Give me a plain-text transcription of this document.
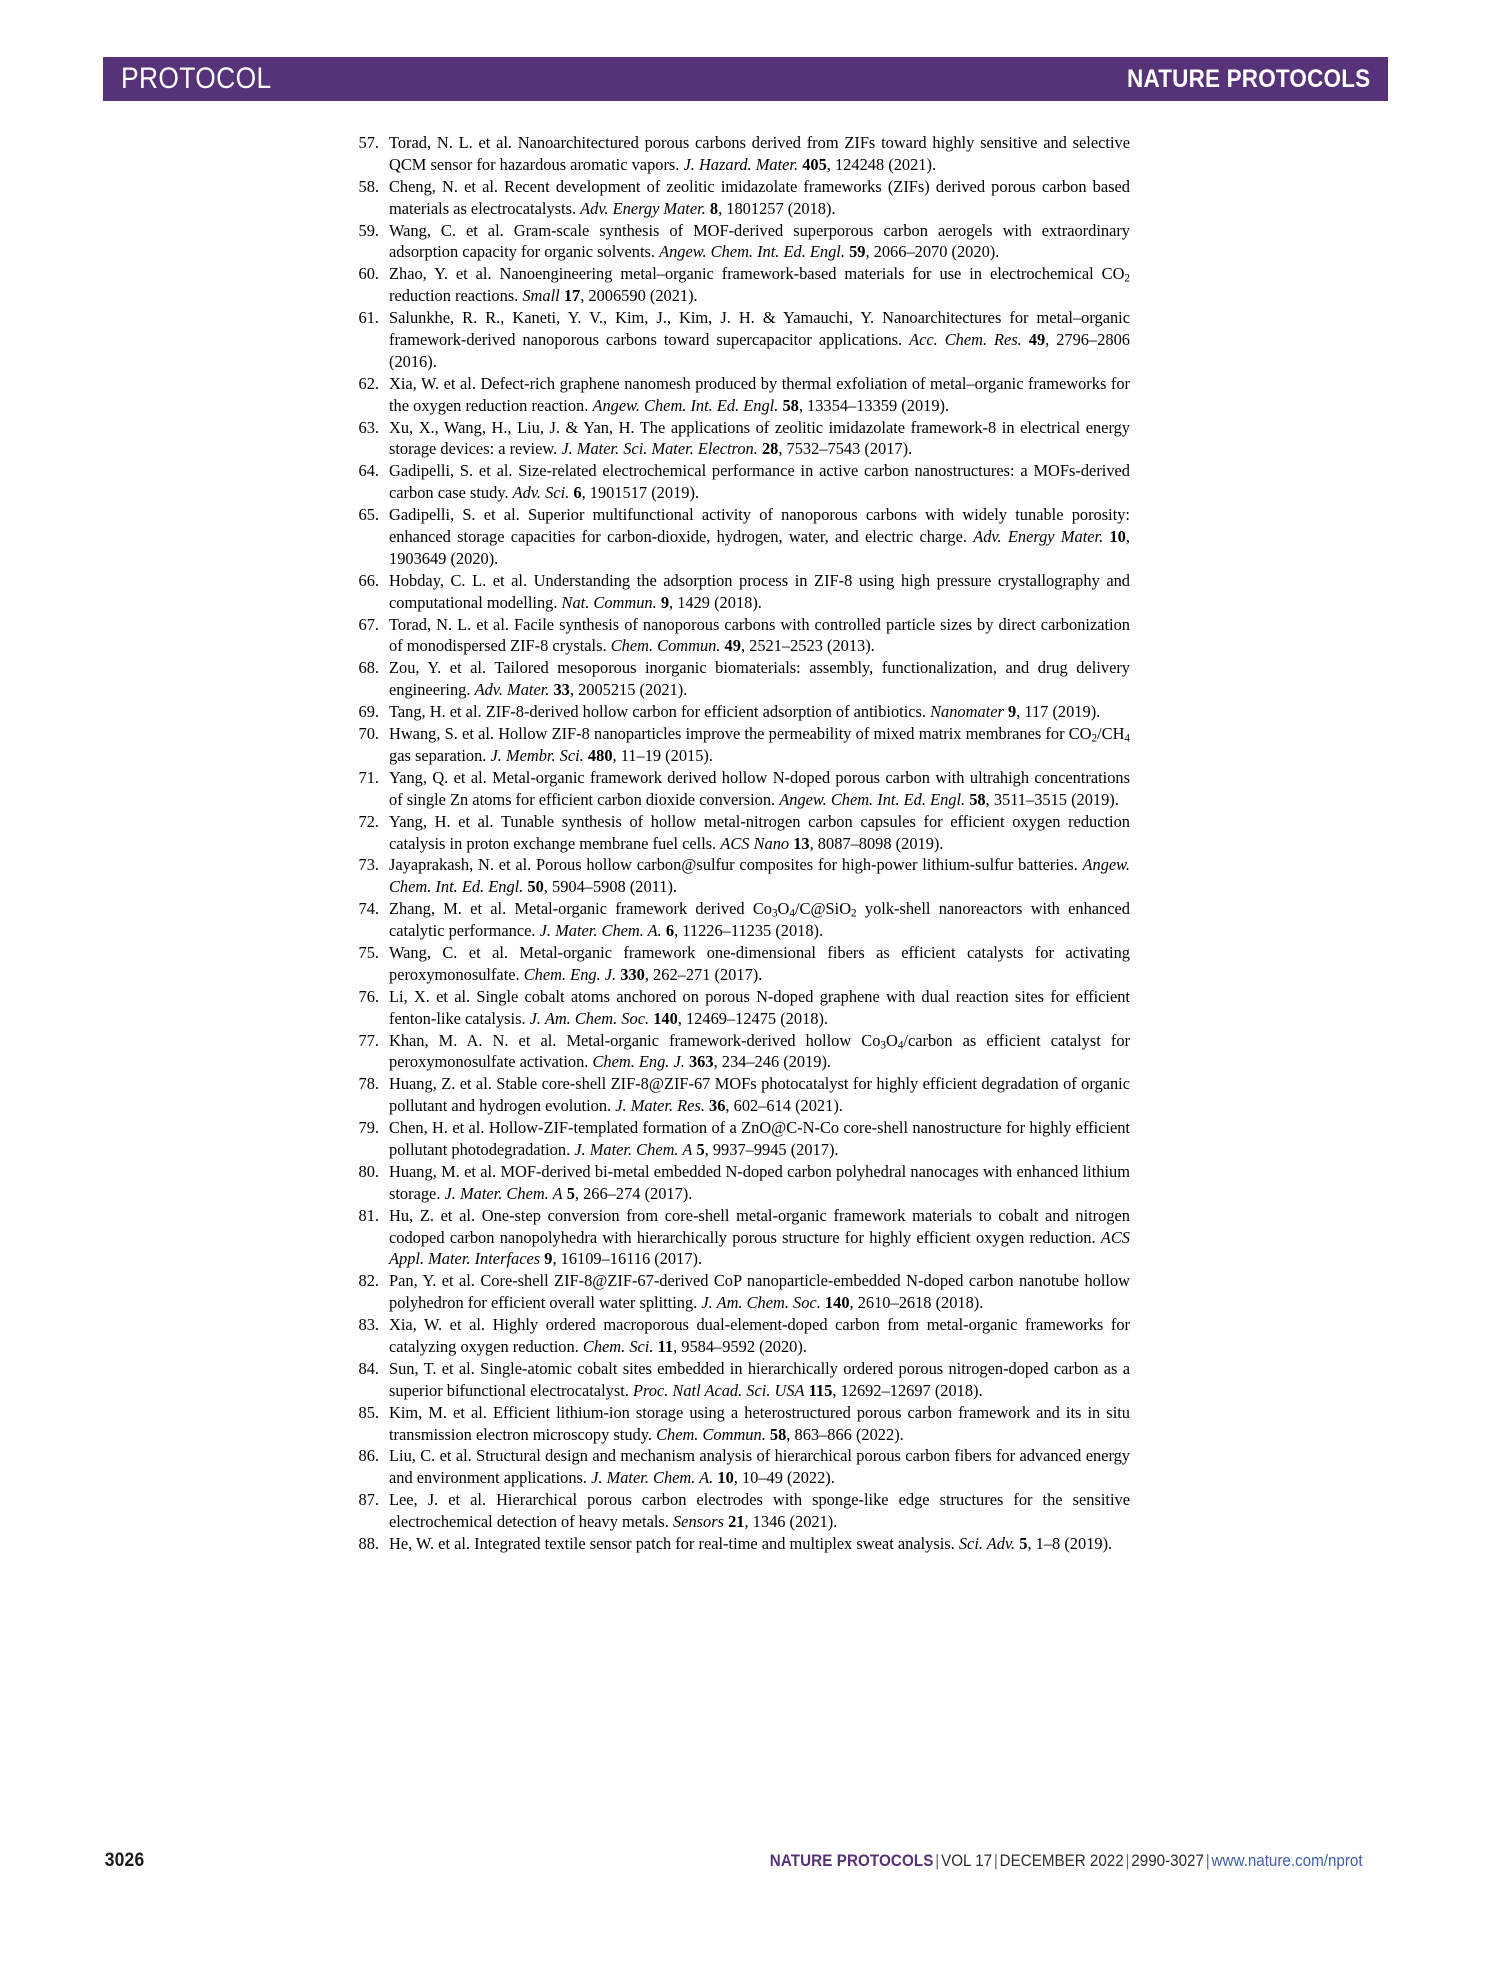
PROTOCOL	NATURE PROTOCOLS
57. Torad, N. L. et al. Nanoarchitectured porous carbons derived from ZIFs toward highly sensitive and selective QCM sensor for hazardous aromatic vapors. J. Hazard. Mater. 405, 124248 (2021).
58. Cheng, N. et al. Recent development of zeolitic imidazolate frameworks (ZIFs) derived porous carbon based materials as electrocatalysts. Adv. Energy Mater. 8, 1801257 (2018).
59. Wang, C. et al. Gram-scale synthesis of MOF-derived superporous carbon aerogels with extraordinary adsorption capacity for organic solvents. Angew. Chem. Int. Ed. Engl. 59, 2066–2070 (2020).
60. Zhao, Y. et al. Nanoengineering metal–organic framework-based materials for use in electrochemical $CO_2$ reduction reactions. Small 17, 2006590 (2021).
61. Salunkhe, R. R., Kaneti, Y. V., Kim, J., Kim, J. H. & Yamauchi, Y. Nanoarchitectures for metal–organic framework-derived nanoporous carbons toward supercapacitor applications. Acc. Chem. Res. 49, 2796–2806 (2016).
62. Xia, W. et al. Defect-rich graphene nanomesh produced by thermal exfoliation of metal–organic frameworks for the oxygen reduction reaction. Angew. Chem. Int. Ed. Engl. 58, 13354–13359 (2019).
63. Xu, X., Wang, H., Liu, J. & Yan, H. The applications of zeolitic imidazolate framework-8 in electrical energy storage devices: a review. J. Mater. Sci. Mater. Electron. 28, 7532–7543 (2017).
64. Gadipelli, S. et al. Size-related electrochemical performance in active carbon nanostructures: a MOFs-derived carbon case study. Adv. Sci. 6, 1901517 (2019).
65. Gadipelli, S. et al. Superior multifunctional activity of nanoporous carbons with widely tunable porosity: enhanced storage capacities for carbon-dioxide, hydrogen, water, and electric charge. Adv. Energy Mater. 10, 1903649 (2020).
66. Hobday, C. L. et al. Understanding the adsorption process in ZIF-8 using high pressure crystallography and computational modelling. Nat. Commun. 9, 1429 (2018).
67. Torad, N. L. et al. Facile synthesis of nanoporous carbons with controlled particle sizes by direct carbonization of monodispersed ZIF-8 crystals. Chem. Commun. 49, 2521–2523 (2013).
68. Zou, Y. et al. Tailored mesoporous inorganic biomaterials: assembly, functionalization, and drug delivery engineering. Adv. Mater. 33, 2005215 (2021).
69. Tang, H. et al. ZIF-8-derived hollow carbon for efficient adsorption of antibiotics. Nanomater 9, 117 (2019).
70. Hwang, S. et al. Hollow ZIF-8 nanoparticles improve the permeability of mixed matrix membranes for $CO_2/CH_4$ gas separation. J. Membr. Sci. 480, 11–19 (2015).
71. Yang, Q. et al. Metal-organic framework derived hollow N-doped porous carbon with ultrahigh concentrations of single Zn atoms for efficient carbon dioxide conversion. Angew. Chem. Int. Ed. Engl. 58, 3511–3515 (2019).
72. Yang, H. et al. Tunable synthesis of hollow metal-nitrogen carbon capsules for efficient oxygen reduction catalysis in proton exchange membrane fuel cells. ACS Nano 13, 8087–8098 (2019).
73. Jayaprakash, N. et al. Porous hollow carbon@sulfur composites for high-power lithium-sulfur batteries. Angew. Chem. Int. Ed. Engl. 50, 5904–5908 (2011).
74. Zhang, M. et al. Metal-organic framework derived $Co_3O_4/C@SiO_2$ yolk-shell nanoreactors with enhanced catalytic performance. J. Mater. Chem. A. 6, 11226–11235 (2018).
75. Wang, C. et al. Metal-organic framework one-dimensional fibers as efficient catalysts for activating peroxymonosulfate. Chem. Eng. J. 330, 262–271 (2017).
76. Li, X. et al. Single cobalt atoms anchored on porous N-doped graphene with dual reaction sites for efficient fenton-like catalysis. J. Am. Chem. Soc. 140, 12469–12475 (2018).
77. Khan, M. A. N. et al. Metal-organic framework-derived hollow $Co_3O_4$/carbon as efficient catalyst for peroxymonosulfate activation. Chem. Eng. J. 363, 234–246 (2019).
78. Huang, Z. et al. Stable core-shell ZIF-8@ZIF-67 MOFs photocatalyst for highly efficient degradation of organic pollutant and hydrogen evolution. J. Mater. Res. 36, 602–614 (2021).
79. Chen, H. et al. Hollow-ZIF-templated formation of a ZnO@C-N-Co core-shell nanostructure for highly efficient pollutant photodegradation. J. Mater. Chem. A 5, 9937–9945 (2017).
80. Huang, M. et al. MOF-derived bi-metal embedded N-doped carbon polyhedral nanocages with enhanced lithium storage. J. Mater. Chem. A 5, 266–274 (2017).
81. Hu, Z. et al. One-step conversion from core-shell metal-organic framework materials to cobalt and nitrogen codoped carbon nanopolyhedra with hierarchically porous structure for highly efficient oxygen reduction. ACS Appl. Mater. Interfaces 9, 16109–16116 (2017).
82. Pan, Y. et al. Core-shell ZIF-8@ZIF-67-derived CoP nanoparticle-embedded N-doped carbon nanotube hollow polyhedron for efficient overall water splitting. J. Am. Chem. Soc. 140, 2610–2618 (2018).
83. Xia, W. et al. Highly ordered macroporous dual-element-doped carbon from metal-organic frameworks for catalyzing oxygen reduction. Chem. Sci. 11, 9584–9592 (2020).
84. Sun, T. et al. Single-atomic cobalt sites embedded in hierarchically ordered porous nitrogen-doped carbon as a superior bifunctional electrocatalyst. Proc. Natl Acad. Sci. USA 115, 12692–12697 (2018).
85. Kim, M. et al. Efficient lithium-ion storage using a heterostructured porous carbon framework and its in situ transmission electron microscopy study. Chem. Commun. 58, 863–866 (2022).
86. Liu, C. et al. Structural design and mechanism analysis of hierarchical porous carbon fibers for advanced energy and environment applications. J. Mater. Chem. A. 10, 10–49 (2022).
87. Lee, J. et al. Hierarchical porous carbon electrodes with sponge-like edge structures for the sensitive electrochemical detection of heavy metals. Sensors 21, 1346 (2021).
88. He, W. et al. Integrated textile sensor patch for real-time and multiplex sweat analysis. Sci. Adv. 5, 1–8 (2019).
3026	NATURE PROTOCOLS | VOL 17 | DECEMBER 2022 | 2990-3027 | www.nature.com/nprot
